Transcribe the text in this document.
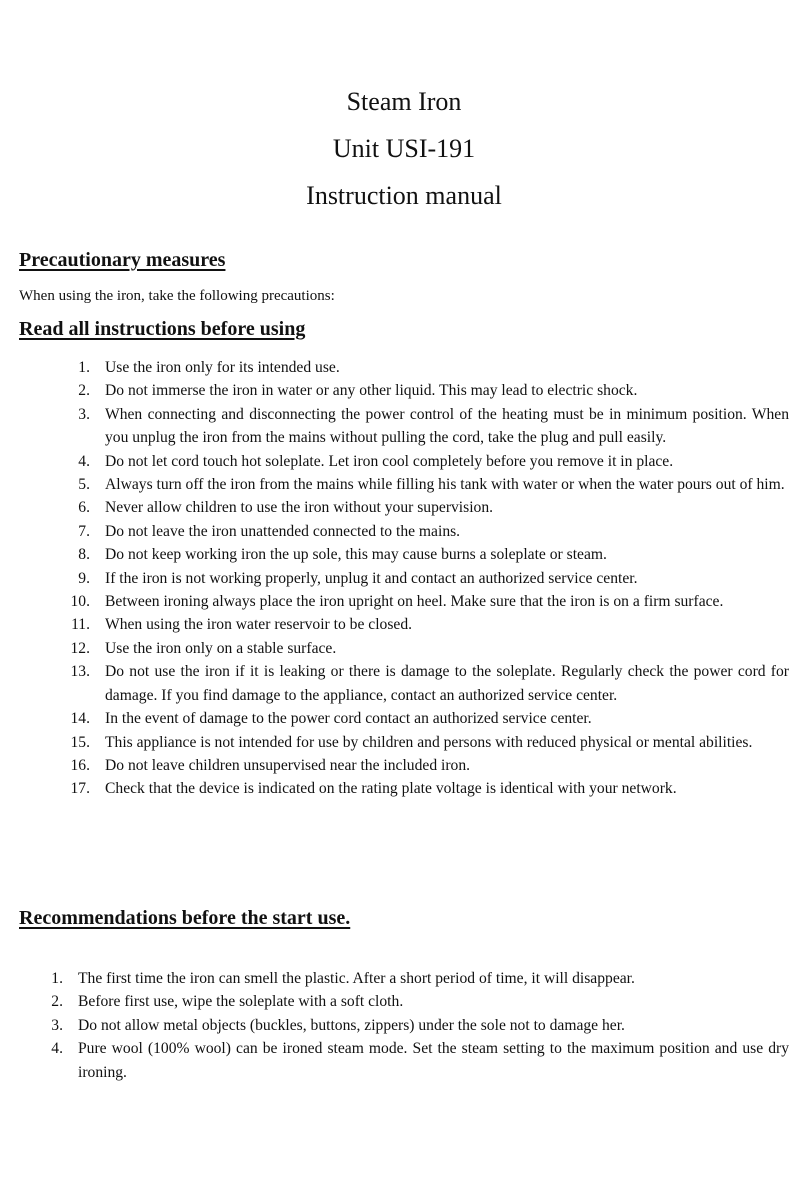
Steam Iron

Unit USI-191

Instruction manual

Precautionary measures

When using the iron, take the following precautions:

Read all instructions before using
1. Use the iron only for its intended use.
2. Do not immerse the iron in water or any other liquid. This may lead to electric shock.
3. When connecting and disconnecting the power control of the heating must be in minimum position. When you unplug the iron from the mains without pulling the cord, take the plug and pull easily.
4. Do not let cord touch hot soleplate. Let iron cool completely before you remove it in place.
5. Always turn off the iron from the mains while filling his tank with water or when the water pours out of him.
6. Never allow children to use the iron without your supervision.
7. Do not leave the iron unattended connected to the mains.
8. Do not keep working iron the up sole, this may cause burns a soleplate or steam.
9. If the iron is not working properly, unplug it and contact an authorized service center.
10. Between ironing always place the iron upright on heel. Make sure that the iron is on a firm surface.
11. When using the iron water reservoir to be closed.
12. Use the iron only on a stable surface.
13. Do not use the iron if it is leaking or there is damage to the soleplate. Regularly check the power cord for damage. If you find damage to the appliance, contact an authorized service center.
14. In the event of damage to the power cord contact an authorized service center.
15. This appliance is not intended for use by children and persons with reduced physical or mental abilities.
16. Do not leave children unsupervised near the included iron.
17. Check that the device is indicated on the rating plate voltage is identical with your network.
Recommendations before the start use.
1. The first time the iron can smell the plastic. After a short period of time, it will disappear.
2. Before first use, wipe the soleplate with a soft cloth.
3. Do not allow metal objects (buckles, buttons, zippers) under the sole not to damage her.
4. Pure wool (100% wool) can be ironed steam mode. Set the steam setting to the maximum position and use dry ironing.
